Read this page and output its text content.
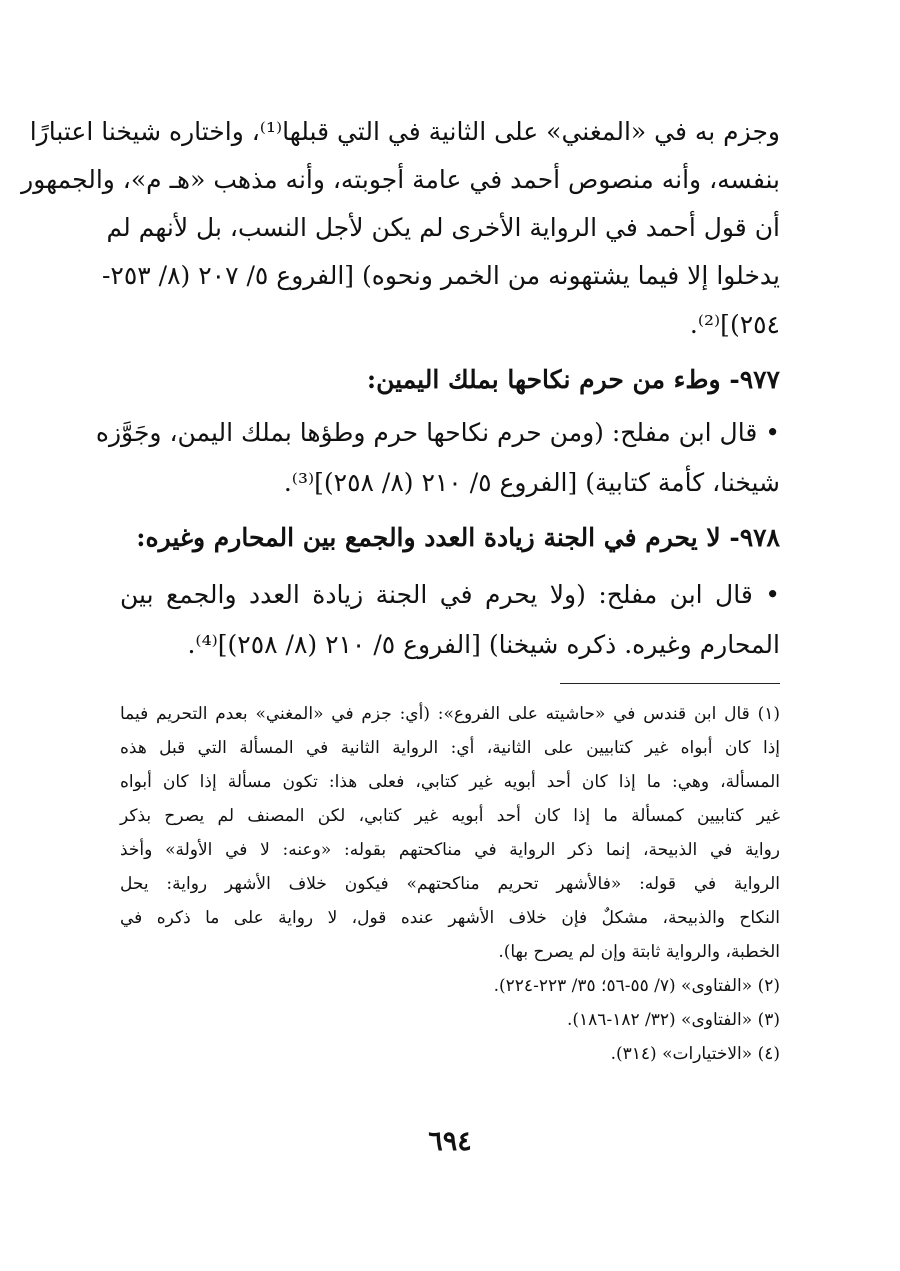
وجزم به في «المغني» على الثانية في التي قبلها⁽¹⁾، واختاره شيخنا اعتبارًا
بنفسه، وأنه منصوص أحمد في عامة أجوبته، وأنه مذهب «هـ م»، والجمهور
أن قول أحمد في الرواية الأخرى لم يكن لأجل النسب، بل لأنهم لم
يدخلوا إلا فيما يشتهونه من الخمر ونحوه) [الفروع ٥/ ٢٠٧ (٨/ ٢٥٣-
٢٥٤)]⁽²⁾.
٩٧٧- وطء من حرم نكاحها بملك اليمين:
• قال ابن مفلح: (ومن حرم نكاحها حرم وطؤها بملك اليمن، وجَوَّزه
شيخنا، كأمة كتابية) [الفروع ٥/ ٢١٠ (٨/ ٢٥٨)]⁽³⁾.
٩٧٨- لا يحرم في الجنة زيادة العدد والجمع بين المحارم وغيره:
• قال ابن مفلح: (ولا يحرم في الجنة زيادة العدد والجمع بين
المحارم وغيره. ذكره شيخنا) [الفروع ٥/ ٢١٠ (٨/ ٢٥٨)]⁽⁴⁾.
(١) قال ابن قندس في «حاشيته على الفروع»: (أي: جزم في «المغني» بعدم التحريم فيما
إذا كان أبواه غير كتابيين على الثانية، أي: الرواية الثانية في المسألة التي قبل هذه
المسألة، وهي: ما إذا كان أحد أبويه غير كتابي، فعلى هذا: تكون مسألة إذا كان أبواه
غير كتابيين كمسألة ما إذا كان أحد أبويه غير كتابي، لكن المصنف لم يصرح بذكر
رواية في الذبيحة، إنما ذكر الرواية في مناكحتهم بقوله: «وعنه: لا في الأولة» وأخذ
الرواية في قوله: «فالأشهر تحريم مناكحتهم» فيكون خلاف الأشهر رواية: يحل
النكاح والذبيحة، مشكلٌ فإن خلاف الأشهر عنده قول، لا رواية على ما ذكره في
الخطبة، والرواية ثابتة وإن لم يصرح بها).
(٢) «الفتاوى» (٧/ ٥٥-٥٦؛ ٣٥/ ٢٢٣-٢٢٤).
(٣) «الفتاوى» (٣٢/ ١٨٢-١٨٦).
(٤) «الاختيارات» (٣١٤).
٦٩٤
